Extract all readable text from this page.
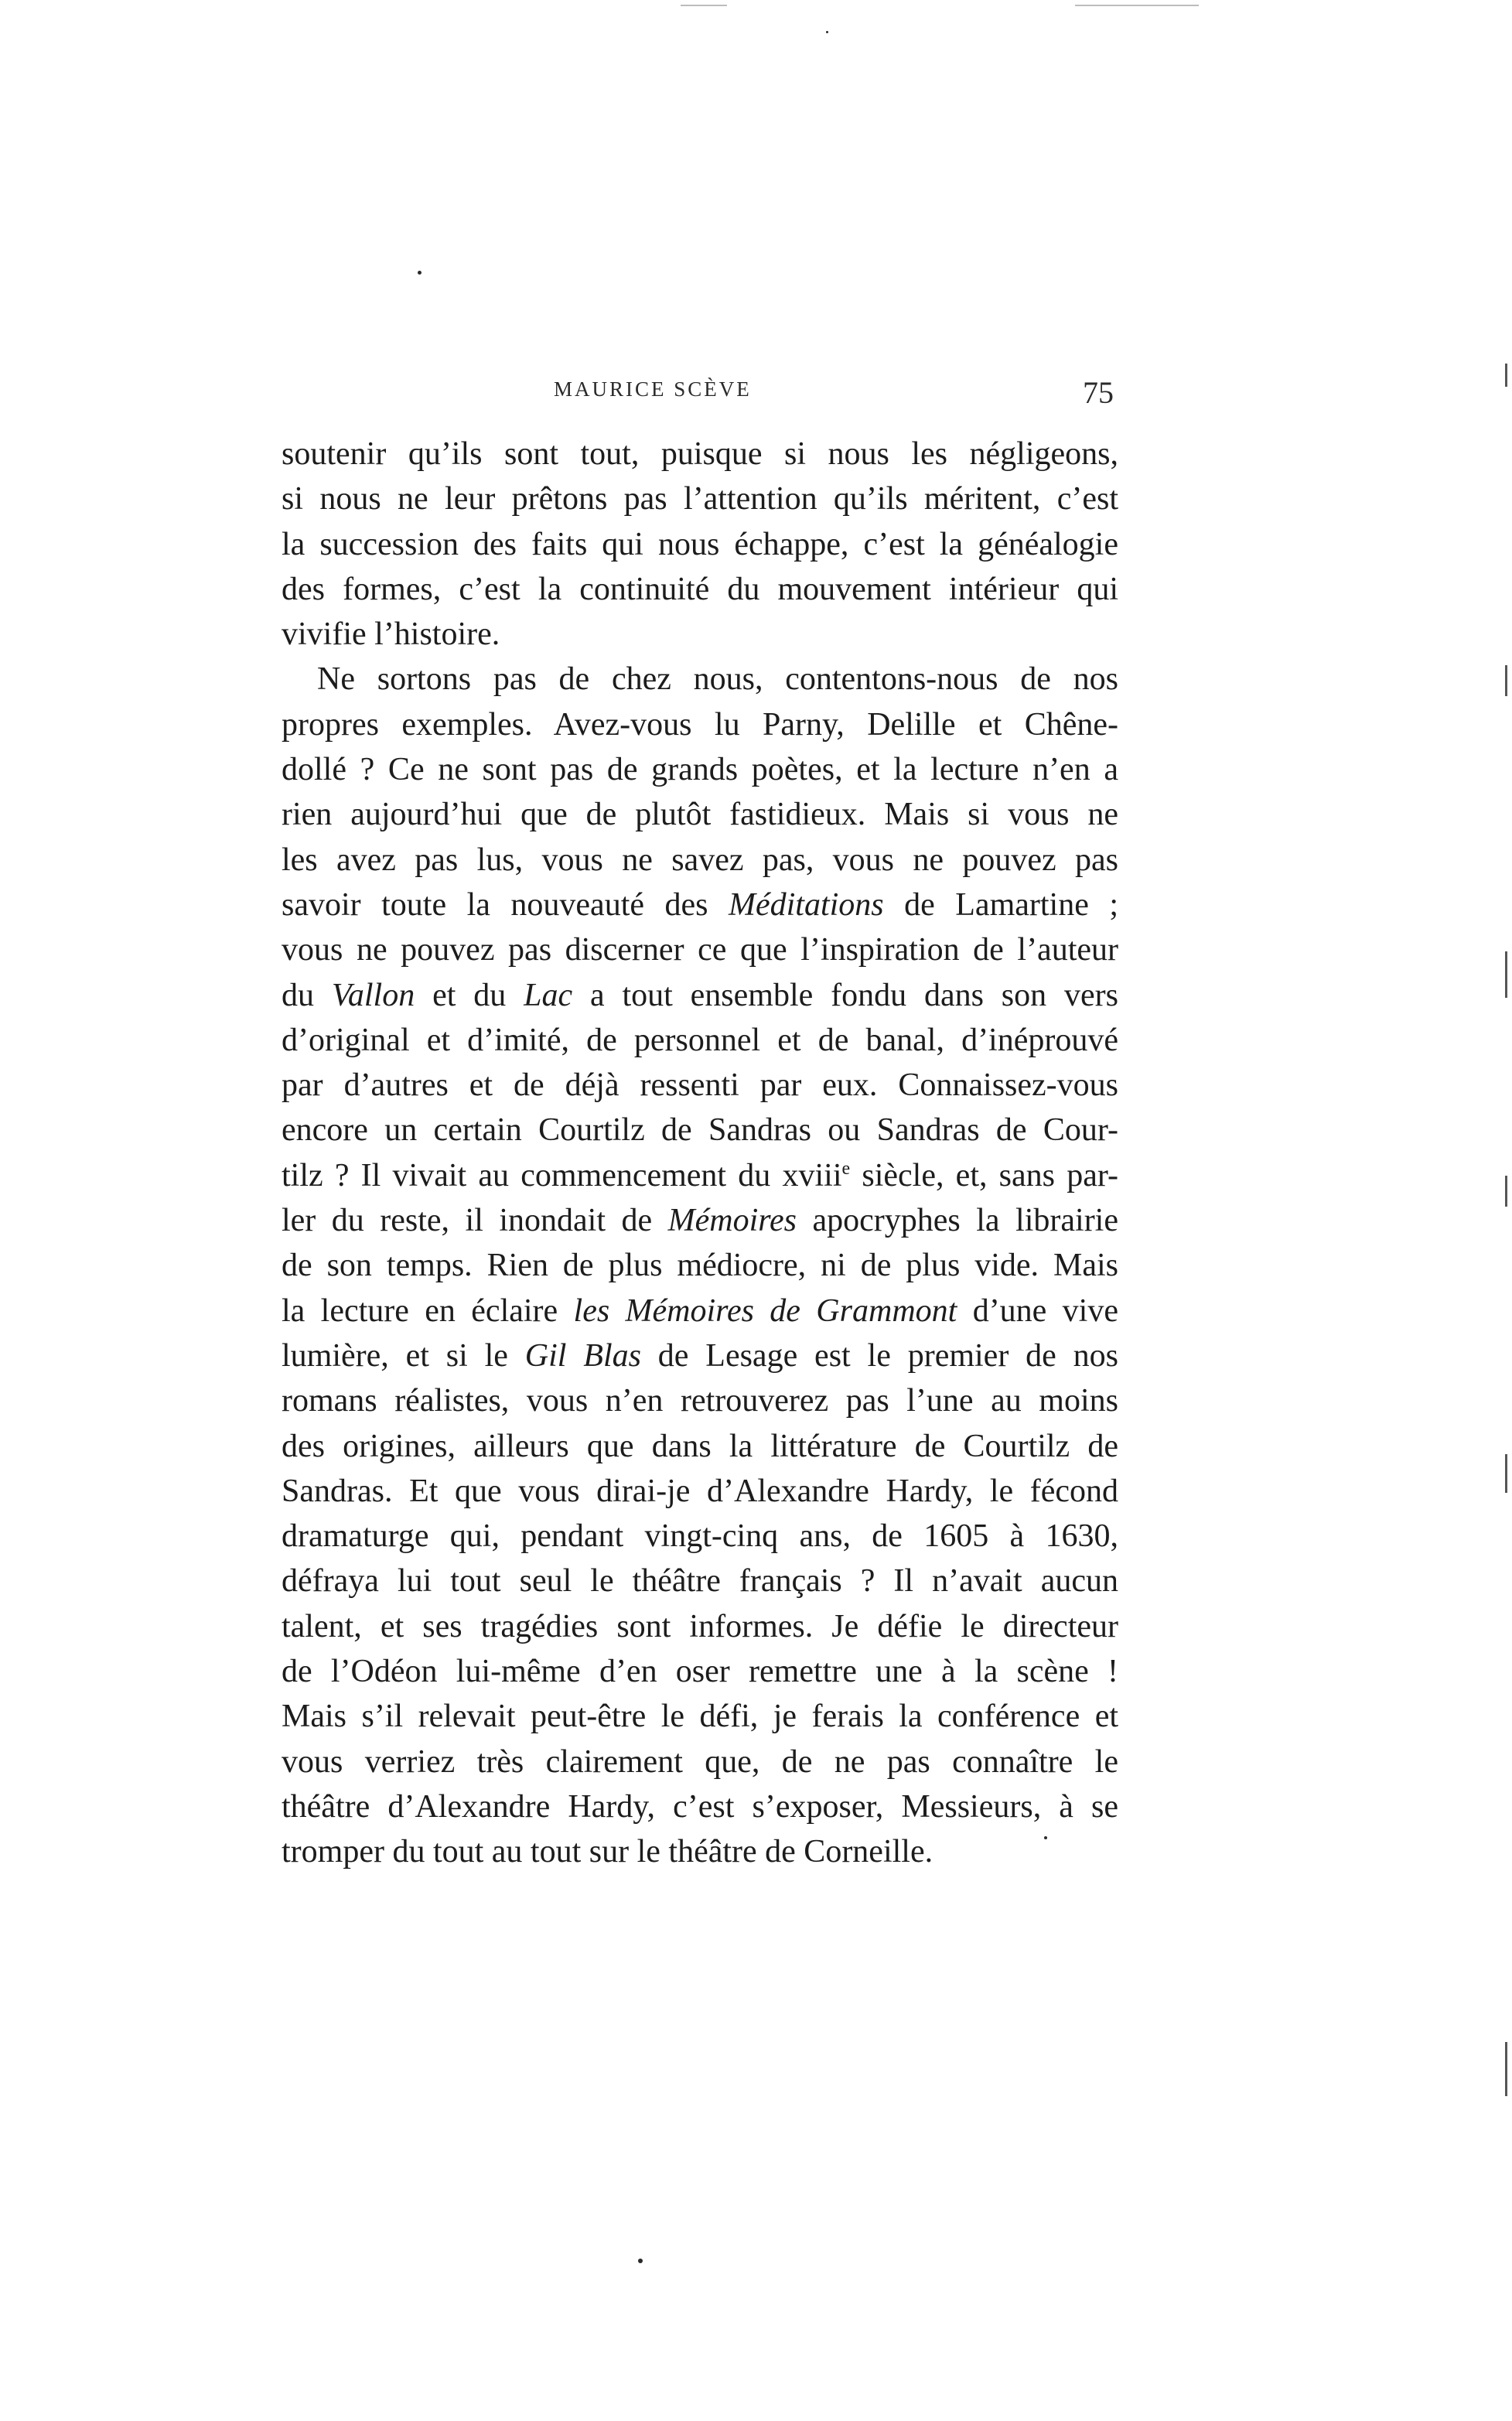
MAURICE SCÈVE	75
soutenir qu’ils sont tout, puisque si nous les négligeons,
si nous ne leur prêtons pas l’attention qu’ils méritent, c’est
la succession des faits qui nous échappe, c’est la généalogie
des formes, c’est la continuité du mouvement intérieur qui
vivifie l’histoire.
Ne sortons pas de chez nous, contentons-nous de nos
propres exemples. Avez-vous lu Parny, Delille et Chêne-
dollé ? Ce ne sont pas de grands poètes, et la lecture n’en a
rien aujourd’hui que de plutôt fastidieux. Mais si vous ne
les avez pas lus, vous ne savez pas, vous ne pouvez pas
savoir toute la nouveauté des Méditations de Lamartine ;
vous ne pouvez pas discerner ce que l’inspiration de l’auteur
du Vallon et du Lac a tout ensemble fondu dans son vers
d’original et d’imité, de personnel et de banal, d’inéprouvé
par d’autres et de déjà ressenti par eux. Connaissez-vous
encore un certain Courtilz de Sandras ou Sandras de Cour-
tilz ? Il vivait au commencement du xviii$^e$ siècle, et, sans par-
ler du reste, il inondait de Mémoires apocryphes la librairie
de son temps. Rien de plus médiocre, ni de plus vide. Mais
la lecture en éclaire les Mémoires de Grammont d’une vive
lumière, et si le Gil Blas de Lesage est le premier de nos
romans réalistes, vous n’en retrouverez pas l’une au moins
des origines, ailleurs que dans la littérature de Courtilz de
Sandras. Et que vous dirai-je d’Alexandre Hardy, le fécond
dramaturge qui, pendant vingt-cinq ans, de 1605 à 1630,
défraya lui tout seul le théâtre français ? Il n’avait aucun
talent, et ses tragédies sont informes. Je défie le directeur
de l’Odéon lui-même d’en oser remettre une à la scène !
Mais s’il relevait peut-être le défi, je ferais la conférence et
vous verriez très clairement que, de ne pas connaître le
théâtre d’Alexandre Hardy, c’est s’exposer, Messieurs, à se
tromper du tout au tout sur le théâtre de Corneille.
